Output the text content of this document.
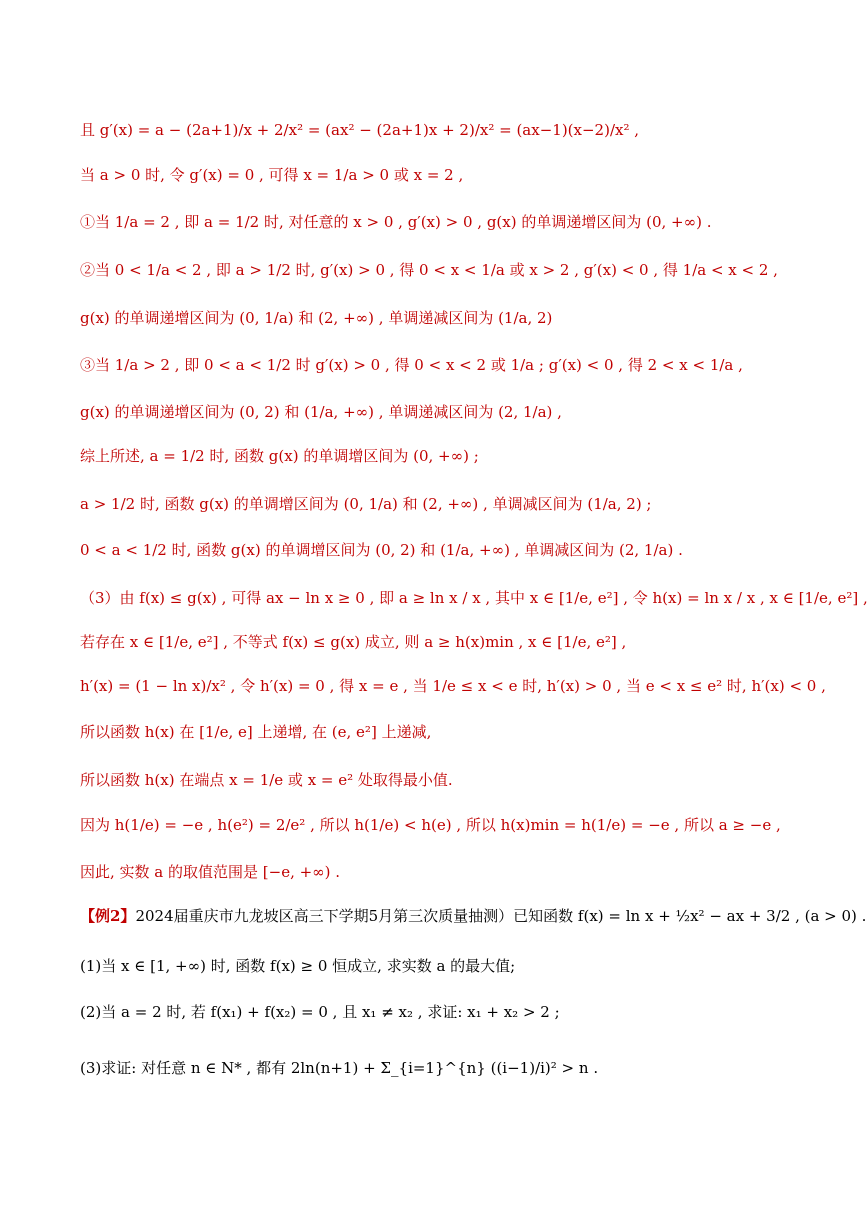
且 g′(x) = a − (2a+1)/x + 2/x² = (ax² − (2a+1)x + 2)/x² = (ax−1)(x−2)/x² ,
当 a > 0 时, 令 g′(x) = 0 , 可得 x = 1/a > 0 或 x = 2 ,
①当 1/a = 2 , 即 a = 1/2 时, 对任意的 x > 0 , g′(x) > 0 , g(x) 的单调递增区间为 (0, +∞) .
②当 0 < 1/a < 2 , 即 a > 1/2 时, g′(x) > 0 , 得 0 < x < 1/a 或 x > 2 , g′(x) < 0 , 得 1/a < x < 2 ,
g(x) 的单调递增区间为 (0, 1/a) 和 (2, +∞) , 单调递减区间为 (1/a, 2)
③当 1/a > 2 , 即 0 < a < 1/2 时 g′(x) > 0 , 得 0 < x < 2 或 1/a ; g′(x) < 0 , 得 2 < x < 1/a ,
g(x) 的单调递增区间为 (0, 2) 和 (1/a, +∞) , 单调递减区间为 (2, 1/a) ,
综上所述, a = 1/2 时, 函数 g(x) 的单调增区间为 (0, +∞) ;
a > 1/2 时, 函数 g(x) 的单调增区间为 (0, 1/a) 和 (2, +∞) , 单调减区间为 (1/a, 2) ;
0 < a < 1/2 时, 函数 g(x) 的单调增区间为 (0, 2) 和 (1/a, +∞) , 单调减区间为 (2, 1/a) .
（3）由 f(x) ≤ g(x) , 可得 ax − ln x ≥ 0 , 即 a ≥ ln x / x , 其中 x ∈ [1/e, e²] , 令 h(x) = ln x / x , x ∈ [1/e, e²] ,
若存在 x ∈ [1/e, e²] , 不等式 f(x) ≤ g(x) 成立, 则 a ≥ h(x)min , x ∈ [1/e, e²] ,
h′(x) = (1 − ln x)/x² , 令 h′(x) = 0 , 得 x = e , 当 1/e ≤ x < e 时, h′(x) > 0 , 当 e < x ≤ e² 时, h′(x) < 0 ,
所以函数 h(x) 在 [1/e, e] 上递增, 在 (e, e²] 上递减,
所以函数 h(x) 在端点 x = 1/e 或 x = e² 处取得最小值.
因为 h(1/e) = −e , h(e²) = 2/e² , 所以 h(1/e) < h(e) , 所以 h(x)min = h(1/e) = −e , 所以 a ≥ −e ,
因此, 实数 a 的取值范围是 [−e, +∞) .
【例2】2024届重庆市九龙坡区高三下学期5月第三次质量抽测）已知函数 f(x) = ln x + ½x² − ax + 3/2 , (a > 0) .
(1)当 x ∈ [1, +∞) 时, 函数 f(x) ≥ 0 恒成立, 求实数 a 的最大值;
(2)当 a = 2 时, 若 f(x₁) + f(x₂) = 0 , 且 x₁ ≠ x₂ , 求证: x₁ + x₂ > 2 ;
(3)求证: 对任意 n ∈ N* , 都有 2ln(n+1) + Σ_{i=1}^{n} ((i−1)/i)² > n .
